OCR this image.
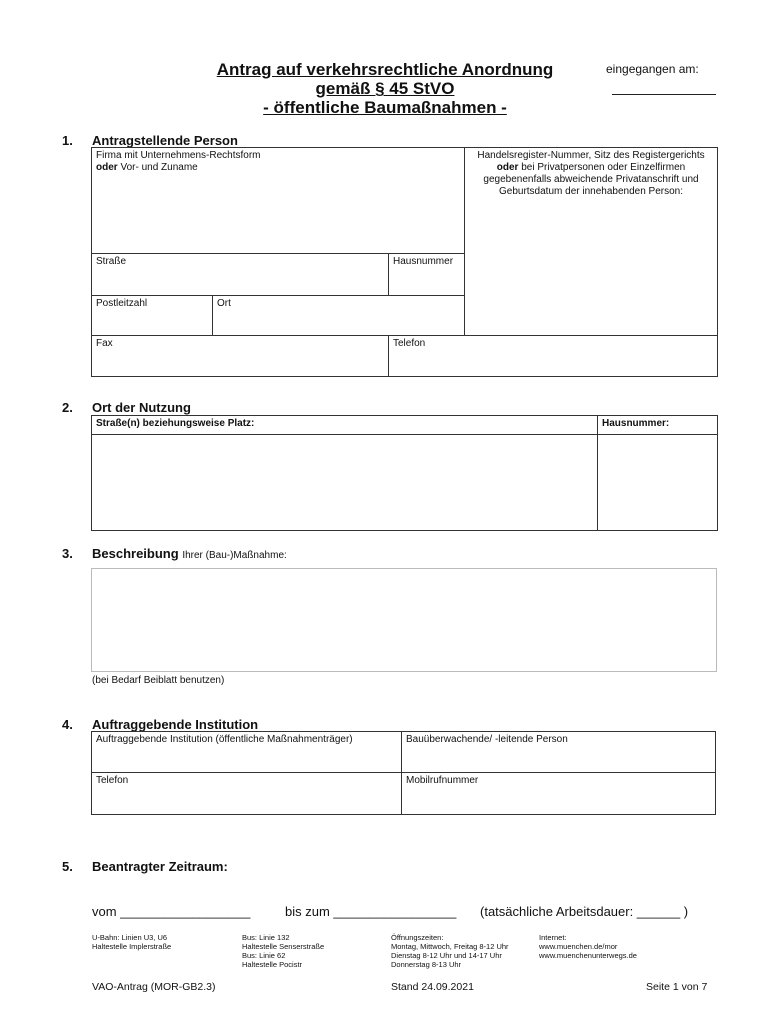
Antrag auf verkehrsrechtliche Anordnung
gemäß § 45 StVO
- öffentliche Baumaßnahmen -
eingegangen am:
1. Antragstellende Person
Firma mit Unternehmens-Rechtsform
oder Vor- und Zuname
Handelsregister-Nummer, Sitz des Registergerichts oder bei Privatpersonen oder Einzelfirmen gegebenenfalls abweichende Privatanschrift und Geburtsdatum der innehabenden Person:
Straße	Hausnummer
Postleitzahl	Ort
Fax	Telefon
2. Ort der Nutzung
Straße(n) beziehungsweise Platz:	Hausnummer:
3. Beschreibung Ihrer (Bau-)Maßnahme:
(bei Bedarf Beiblatt benutzen)
4. Auftraggebende Institution
Auftraggebende Institution (öffentliche Maßnahmenträger)	Bauüberwachende/ -leitende Person
Telefon	Mobilrufnummer
5. Beantragter Zeitraum:
vom __________________	bis zum _________________ (tatsächliche Arbeitsdauer: ______ )
U-Bahn: Linien U3, U6
Haltestelle Implerstraße
Bus: Linie 132
Haltestelle Senserstraße
Bus: Linie 62
Haltestelle Pocistr
Öffnungszeiten:
Montag, Mittwoch, Freitag 8-12 Uhr
Dienstag 8-12 Uhr und 14-17 Uhr
Donnerstag 8-13 Uhr
Internet:
www.muenchen.de/mor
www.muenchenunterwegs.de
VAO-Antrag (MOR-GB2.3)	Stand 24.09.2021	Seite 1 von 7
